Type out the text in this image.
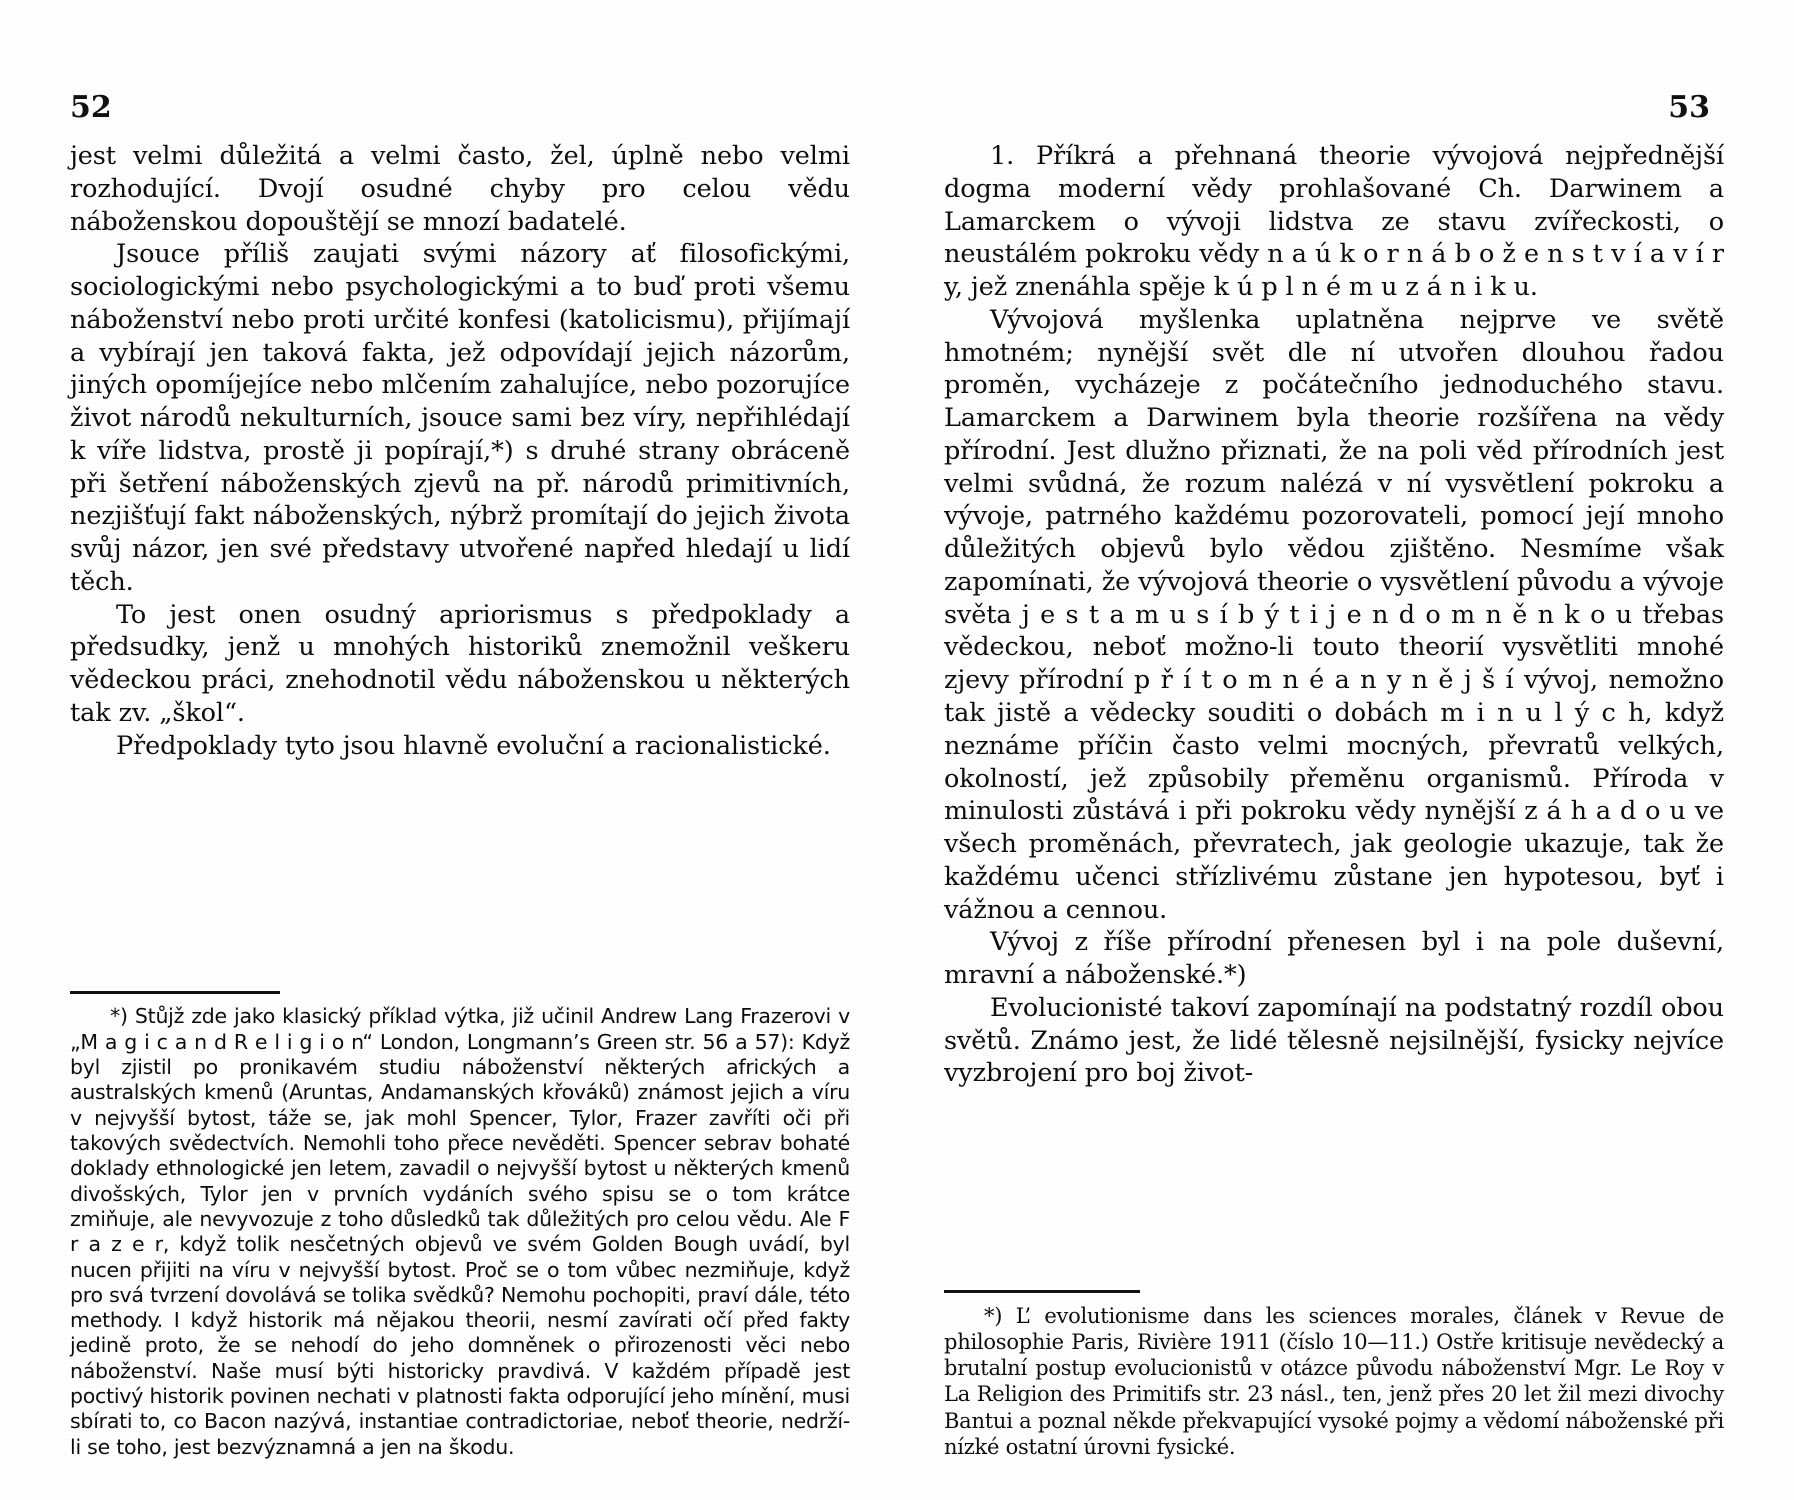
52	53

jest velmi důležitá a velmi často, žel, úplně nebo velmi rozhodující. Dvojí osudné chyby pro celou vědu náboženskou dopouštějí se mnozí badatelé.

Jsouce příliš zaujati svými názory ať filosofickými, sociologickými nebo psychologickými a to buď proti všemu náboženství nebo proti určité konfesi (katolicismu), přijímají a vybírají jen taková fakta, jež odpovídají jejich názorům, jiných opomíjejíce nebo mlčením zahalujíce, nebo pozorujíce život národů nekulturních, jsouce sami bez víry, nepřihlédají k víře lidstva, prostě ji popírají,*) s druhé strany obráceně při šetření náboženských zjevů na př. národů primitivních, nezjišťují fakt náboženských, nýbrž promítají do jejich života svůj názor, jen své představy utvořené napřed hledají u lidí těch.

To jest onen osudný apriorismus s předpoklady a předsudky, jenž u mnohých historiků znemožnil veškeru vědeckou práci, znehodnotil vědu náboženskou u některých tak zv. „škol“.

Předpoklady tyto jsou hlavně evoluční a racionalistické.

*) Stůjž zde jako klasický příklad výtka, již učinil Andrew Lang Frazerovi v „M a g i c a n d R e l i g i o n“ London, Longmann’s Green str. 56 a 57): Když byl zjistil po pronikavém studiu náboženství některých afrických a australských kmenů (Aruntas, Andamanských křováků) známost jejich a víru v nejvyšší bytost, táže se, jak mohl Spencer, Tylor, Frazer zavříti oči při takových svědectvích. Nemohli toho přece nevěděti. Spencer sebrav bohaté doklady ethnologické jen letem, zavadil o nejvyšší bytost u některých kmenů divošských, Tylor jen v prvních vydáních svého spisu se o tom krátce zmiňuje, ale nevyvozuje z toho důsledků tak důležitých pro celou vědu. Ale F r a z e r, když tolik nesčetných objevů ve svém Golden Bough uvádí, byl nucen přijiti na víru v nejvyšší bytost. Proč se o tom vůbec nezmiňuje, když pro svá tvrzení dovolává se tolika svědků? Nemohu pochopiti, praví dále, této methody. I když historik má nějakou theorii, nesmí zavírati očí před fakty jedině proto, že se nehodí do jeho domněnek o přirozenosti věci nebo náboženství. Naše musí býti historicky pravdivá. V každém případě jest poctivý historik povinen nechati v platnosti fakta odporující jeho mínění, musi sbírati to, co Bacon nazývá, instantiae contradictoriae, neboť theorie, nedrží-li se toho, jest bezvýznamná a jen na škodu.

1. Příkrá a přehnaná theorie vývojová nejpřednější dogma moderní vědy prohlašované Ch. Darwinem a Lamarckem o vývoji lidstva ze stavu zvířeckosti, o neustálém pokroku vědy n a ú k o r n á b o ž e n s t v í a v í r y, jež znenáhla spěje k ú p l n é m u z á n i k u.

Vývojová myšlenka uplatněna nejprve ve světě hmotném; nynější svět dle ní utvořen dlouhou řadou proměn, vycházeje z počátečního jednoduchého stavu. Lamarckem a Darwinem byla theorie rozšířena na vědy přírodní. Jest dlužno přiznati, že na poli věd přírodních jest velmi svůdná, že rozum nalézá v ní vysvětlení pokroku a vývoje, patrného každému pozorovateli, pomocí její mnoho důležitých objevů bylo vědou zjištěno. Nesmíme však zapomínati, že vývojová theorie o vysvětlení původu a vývoje světa j e s t a m u s í b ý t i j e n d o m n ě n k o u třebas vědeckou, neboť možno-li touto theorií vysvětliti mnohé zjevy přírodní p ř í t o m n é a n y n ě j š í vývoj, nemožno tak jistě a vědecky souditi o dobách m i n u l ý c h, když neznáme příčin často velmi mocných, převratů velkých, okolností, jež způsobily přeměnu organismů. Příroda v minulosti zůstává i při pokroku vědy nynější z á h a d o u ve všech proměnách, převratech, jak geologie ukazuje, tak že každému učenci střízlivému zůstane jen hypotesou, byť i vážnou a cennou.

Vývoj z říše přírodní přenesen byl i na pole duševní, mravní a náboženské.*)

Evolucionisté takoví zapomínají na podstatný rozdíl obou světů. Známo jest, že lidé tělesně nejsilnější, fysicky nejvíce vyzbrojení pro boj život-

*) L’ evolutionisme dans les sciences morales, článek v Revue de philosophie Paris, Rivière 1911 (číslo 10—11.) Ostře kritisuje nevědecký a brutalní postup evolucionistů v otázce původu náboženství Mgr. Le Roy v La Religion des Primitifs str. 23 násl., ten, jenž přes 20 let žil mezi divochy Bantui a poznal někde překvapující vysoké pojmy a vědomí náboženské při nízké ostatní úrovni fysické.
